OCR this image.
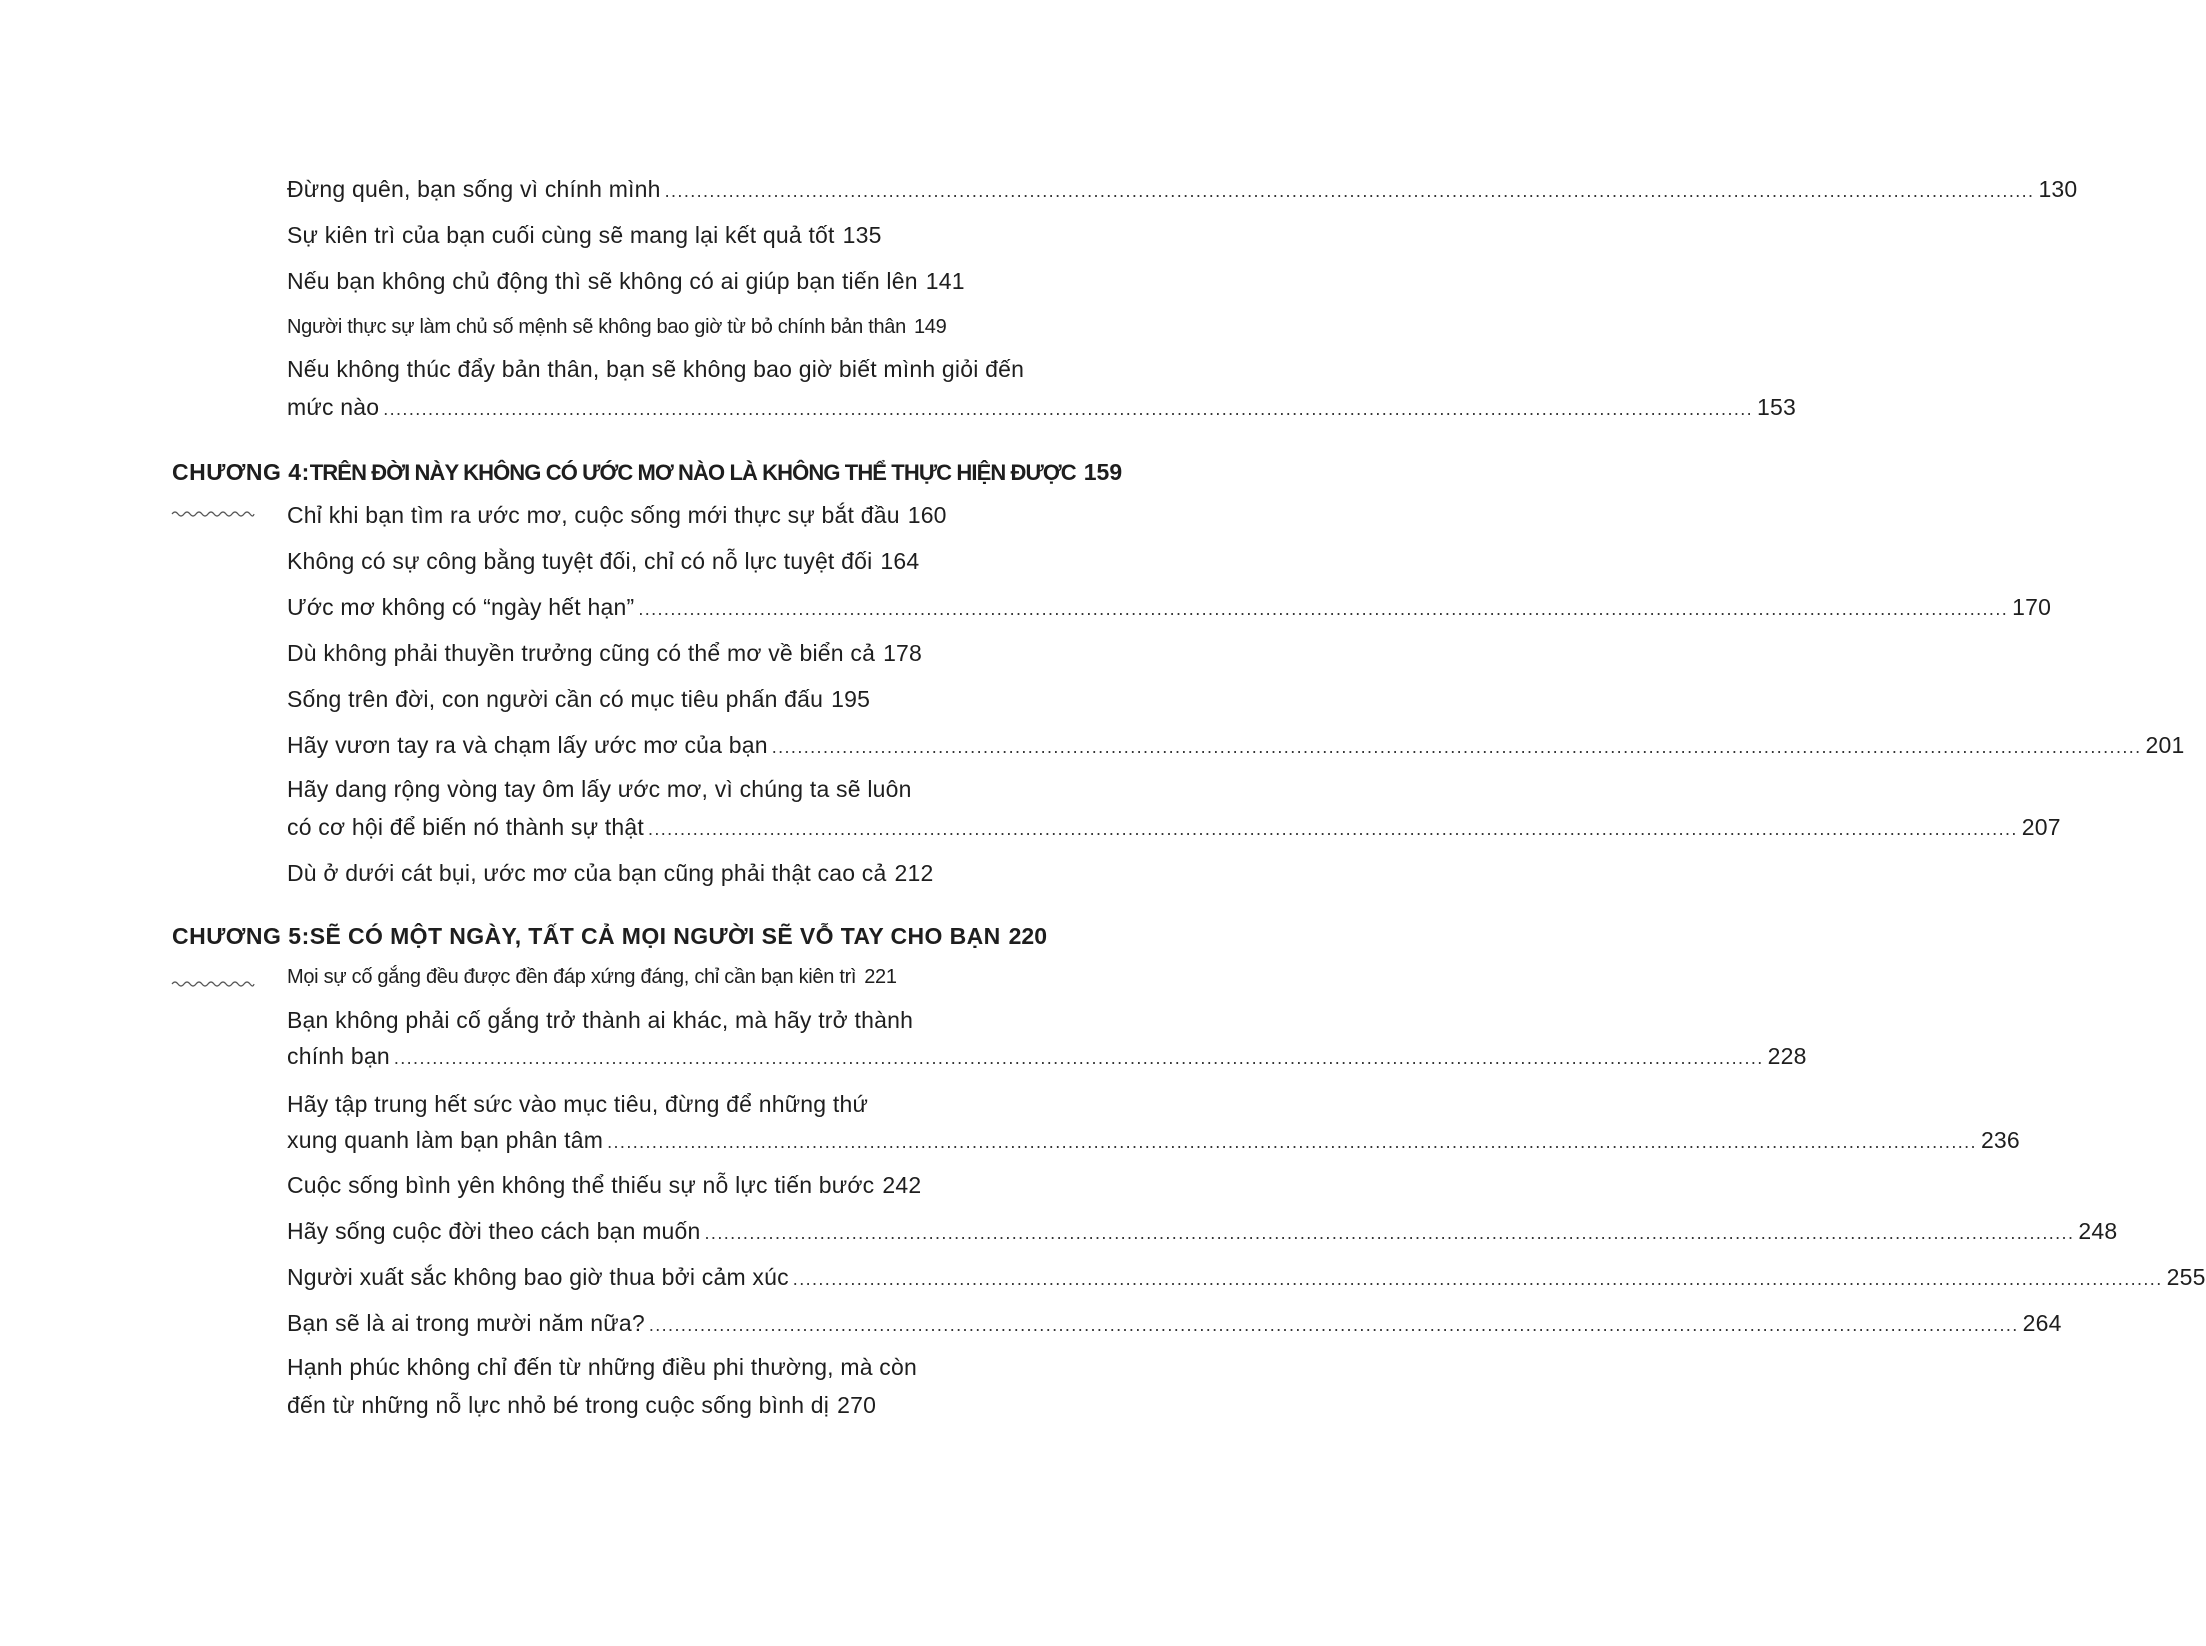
Đừng quên, bạn sống vì chính mình .....	130
Sự kiên trì của bạn cuối cùng sẽ mang lại kết quả tốt 135
Nếu bạn không chủ động thì sẽ không có ai giúp bạn tiến lên 141
Người thực sự làm chủ số mệnh sẽ không bao giờ từ bỏ chính bản thân 149
Nếu không thúc đẩy bản thân, bạn sẽ không bao giờ biết mình giỏi đến
mức nào .....	153
CHƯƠNG 4: TRÊN ĐỜI NÀY KHÔNG CÓ ƯỚC MƠ NÀO LÀ KHÔNG THỂ THỰC HIỆN ĐƯỢC 159
Chỉ khi bạn tìm ra ước mơ, cuộc sống mới thực sự bắt đầu 160
Không có sự công bằng tuyệt đối, chỉ có nỗ lực tuyệt đối 164
Ước mơ không có “ngày hết hạn” .....	170
Dù không phải thuyền trưởng cũng có thể mơ về biển cả 178
Sống trên đời, con người cần có mục tiêu phấn đấu 195
Hãy vươn tay ra và chạm lấy ước mơ của bạn .....	201
Hãy dang rộng vòng tay ôm lấy ước mơ, vì chúng ta sẽ luôn
có cơ hội để biến nó thành sự thật .....	207
Dù ở dưới cát bụi, ước mơ của bạn cũng phải thật cao cả 212
CHƯƠNG 5: SẼ CÓ MỘT NGÀY, TẤT CẢ MỌI NGƯỜI SẼ VỖ TAY CHO BẠN 220
Mọi sự cố gắng đều được đền đáp xứng đáng, chỉ cần bạn kiên trì 221
Bạn không phải cố gắng trở thành ai khác, mà hãy trở thành
chính bạn .....	228
Hãy tập trung hết sức vào mục tiêu, đừng để những thứ
xung quanh làm bạn phân tâm .....	236
Cuộc sống bình yên không thể thiếu sự nỗ lực tiến bước 242
Hãy sống cuộc đời theo cách bạn muốn .....	248
Người xuất sắc không bao giờ thua bởi cảm xúc .....	255
Bạn sẽ là ai trong mười năm nữa? .....	264
Hạnh phúc không chỉ đến từ những điều phi thường, mà còn
đến từ những nỗ lực nhỏ bé trong cuộc sống bình dị 270
